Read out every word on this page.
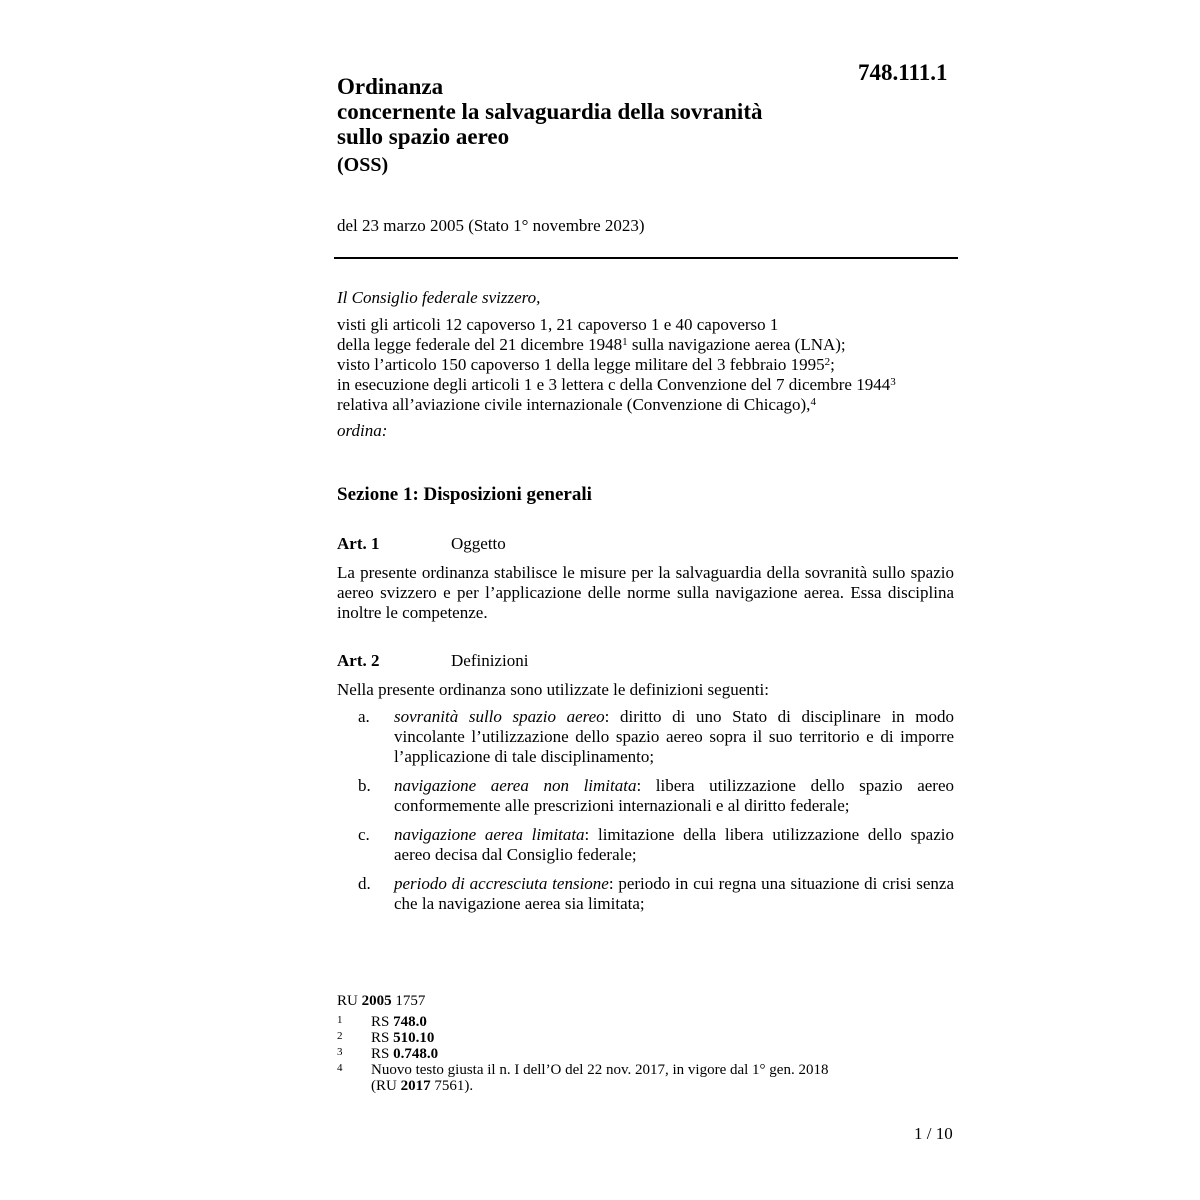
748.111.1
Ordinanza
concernente la salvaguardia della sovranità
sullo spazio aereo
(OSS)
del 23 marzo 2005 (Stato 1° novembre 2023)
Il Consiglio federale svizzero,
visti gli articoli 12 capoverso 1, 21 capoverso 1 e 40 capoverso 1
della legge federale del 21 dicembre 1948$^1$ sulla navigazione aerea (LNA);
visto l’articolo 150 capoverso 1 della legge militare del 3 febbraio 1995$^2$;
in esecuzione degli articoli 1 e 3 lettera c della Convenzione del 7 dicembre 1944$^3$
relativa all’aviazione civile internazionale (Convenzione di Chicago),$^4$
ordina:
Sezione 1: Disposizioni generali
Art. 1	Oggetto
La presente ordinanza stabilisce le misure per la salvaguardia della sovranità sullo spazio aereo svizzero e per l’applicazione delle norme sulla navigazione aerea. Essa disciplina inoltre le competenze.
Art. 2	Definizioni
Nella presente ordinanza sono utilizzate le definizioni seguenti:
a.	sovranità sullo spazio aereo: diritto di uno Stato di disciplinare in modo vincolante l’utilizzazione dello spazio aereo sopra il suo territorio e di imporre l’applicazione di tale disciplinamento;
b.	navigazione aerea non limitata: libera utilizzazione dello spazio aereo conformemente alle prescrizioni internazionali e al diritto federale;
c.	navigazione aerea limitata: limitazione della libera utilizzazione dello spazio aereo decisa dal Consiglio federale;
d.	periodo di accresciuta tensione: periodo in cui regna una situazione di crisi senza che la navigazione aerea sia limitata;
RU 2005 1757
1	RS 748.0
2	RS 510.10
3	RS 0.748.0
4	Nuovo testo giusta il n. I dell’O del 22 nov. 2017, in vigore dal 1° gen. 2018
(RU 2017 7561).
1 / 10
